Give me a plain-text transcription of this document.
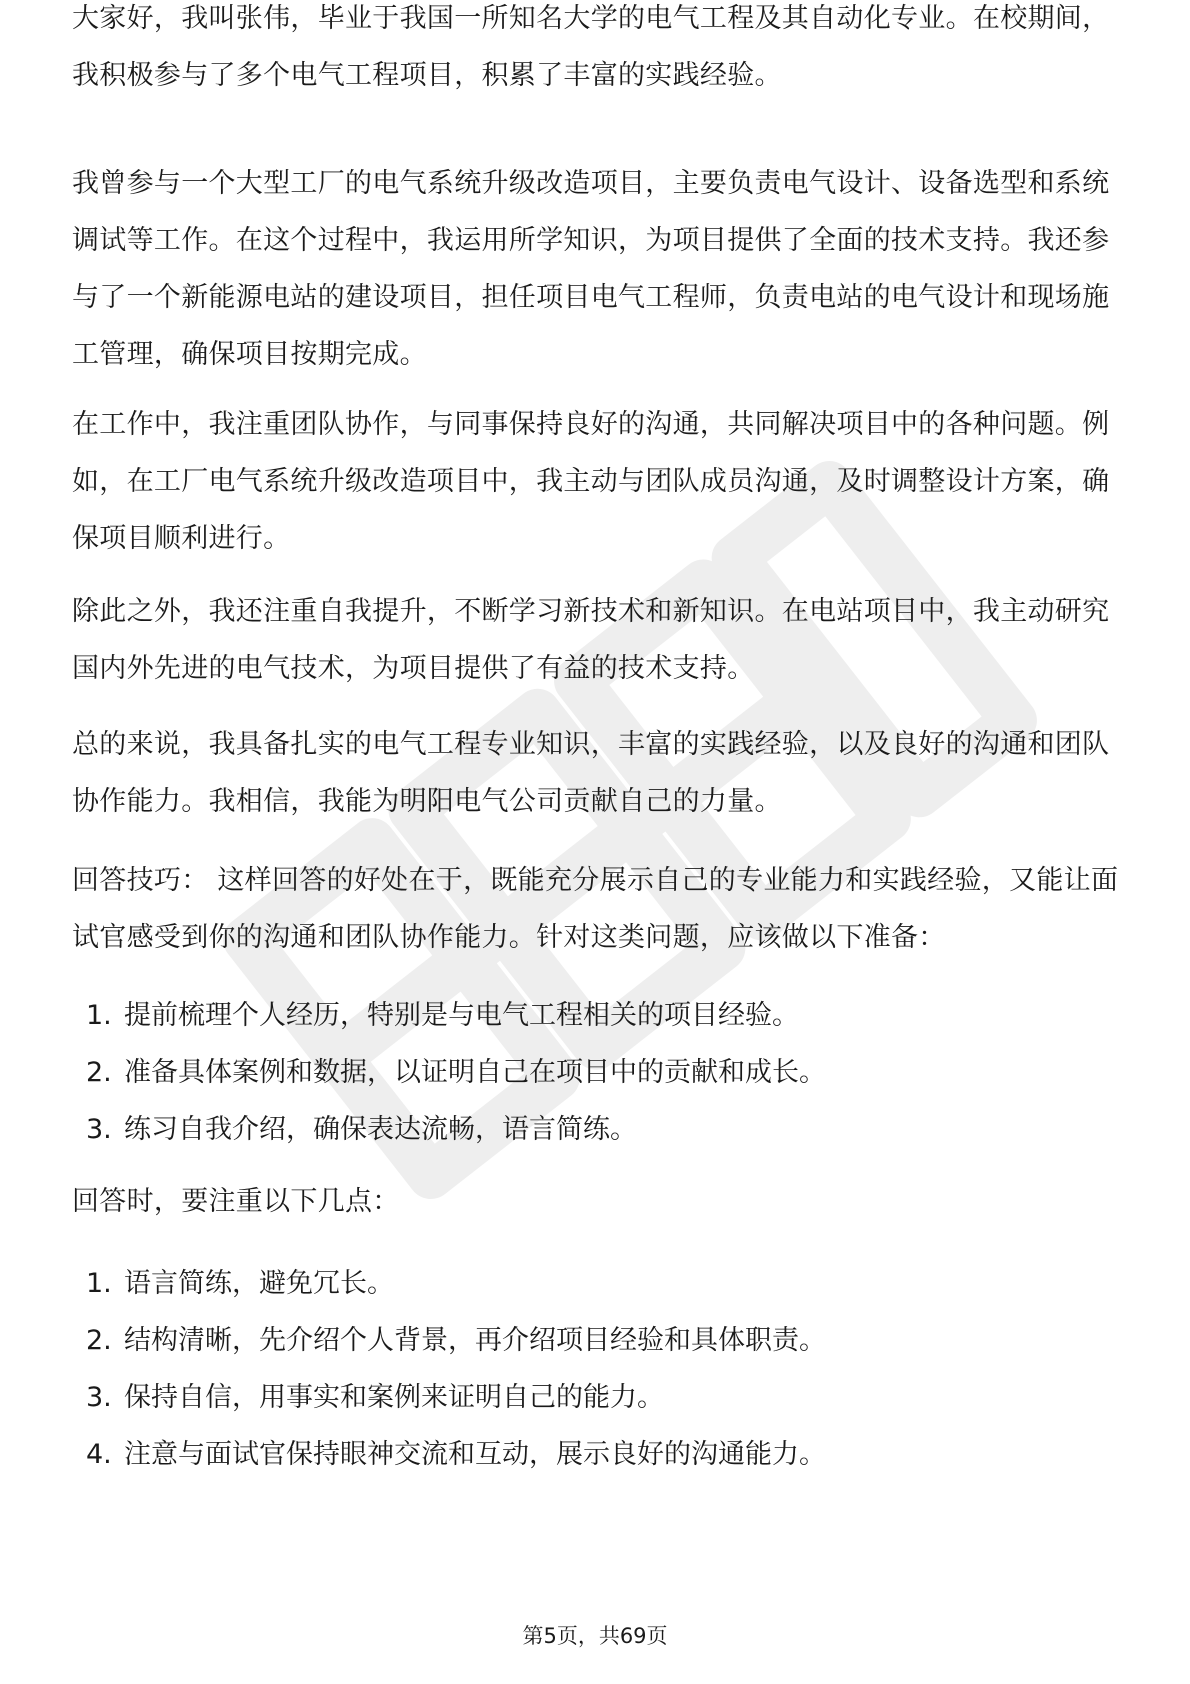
大家好，我叫张伟，毕业于我国一所知名大学的电气工程及其自动化专业。在校期间，我积极参与了多个电气工程项目，积累了丰富的实践经验。

我曾参与一个大型工厂的电气系统升级改造项目，主要负责电气设计、设备选型和系统调试等工作。在这个过程中，我运用所学知识，为项目提供了全面的技术支持。我还参与了一个新能源电站的建设项目，担任项目电气工程师，负责电站的电气设计和现场施工管理，确保项目按期完成。

在工作中，我注重团队协作，与同事保持良好的沟通，共同解决项目中的各种问题。例如，在工厂电气系统升级改造项目中，我主动与团队成员沟通，及时调整设计方案，确保项目顺利进行。

除此之外，我还注重自我提升，不断学习新技术和新知识。在电站项目中，我主动研究国内外先进的电气技术，为项目提供了有益的技术支持。

总的来说，我具备扎实的电气工程专业知识，丰富的实践经验，以及良好的沟通和团队协作能力。我相信，我能为明阳电气公司贡献自己的力量。

回答技巧： 这样回答的好处在于，既能充分展示自己的专业能力和实践经验，又能让面试官感受到你的沟通和团队协作能力。针对这类问题，应该做以下准备：

1. 提前梳理个人经历，特别是与电气工程相关的项目经验。
2. 准备具体案例和数据，以证明自己在项目中的贡献和成长。
3. 练习自我介绍，确保表达流畅，语言简练。

回答时，要注重以下几点：

1. 语言简练，避免冗长。
2. 结构清晰，先介绍个人背景，再介绍项目经验和具体职责。
3. 保持自信，用事实和案例来证明自己的能力。
4. 注意与面试官保持眼神交流和互动，展示良好的沟通能力。
第5页，共69页
